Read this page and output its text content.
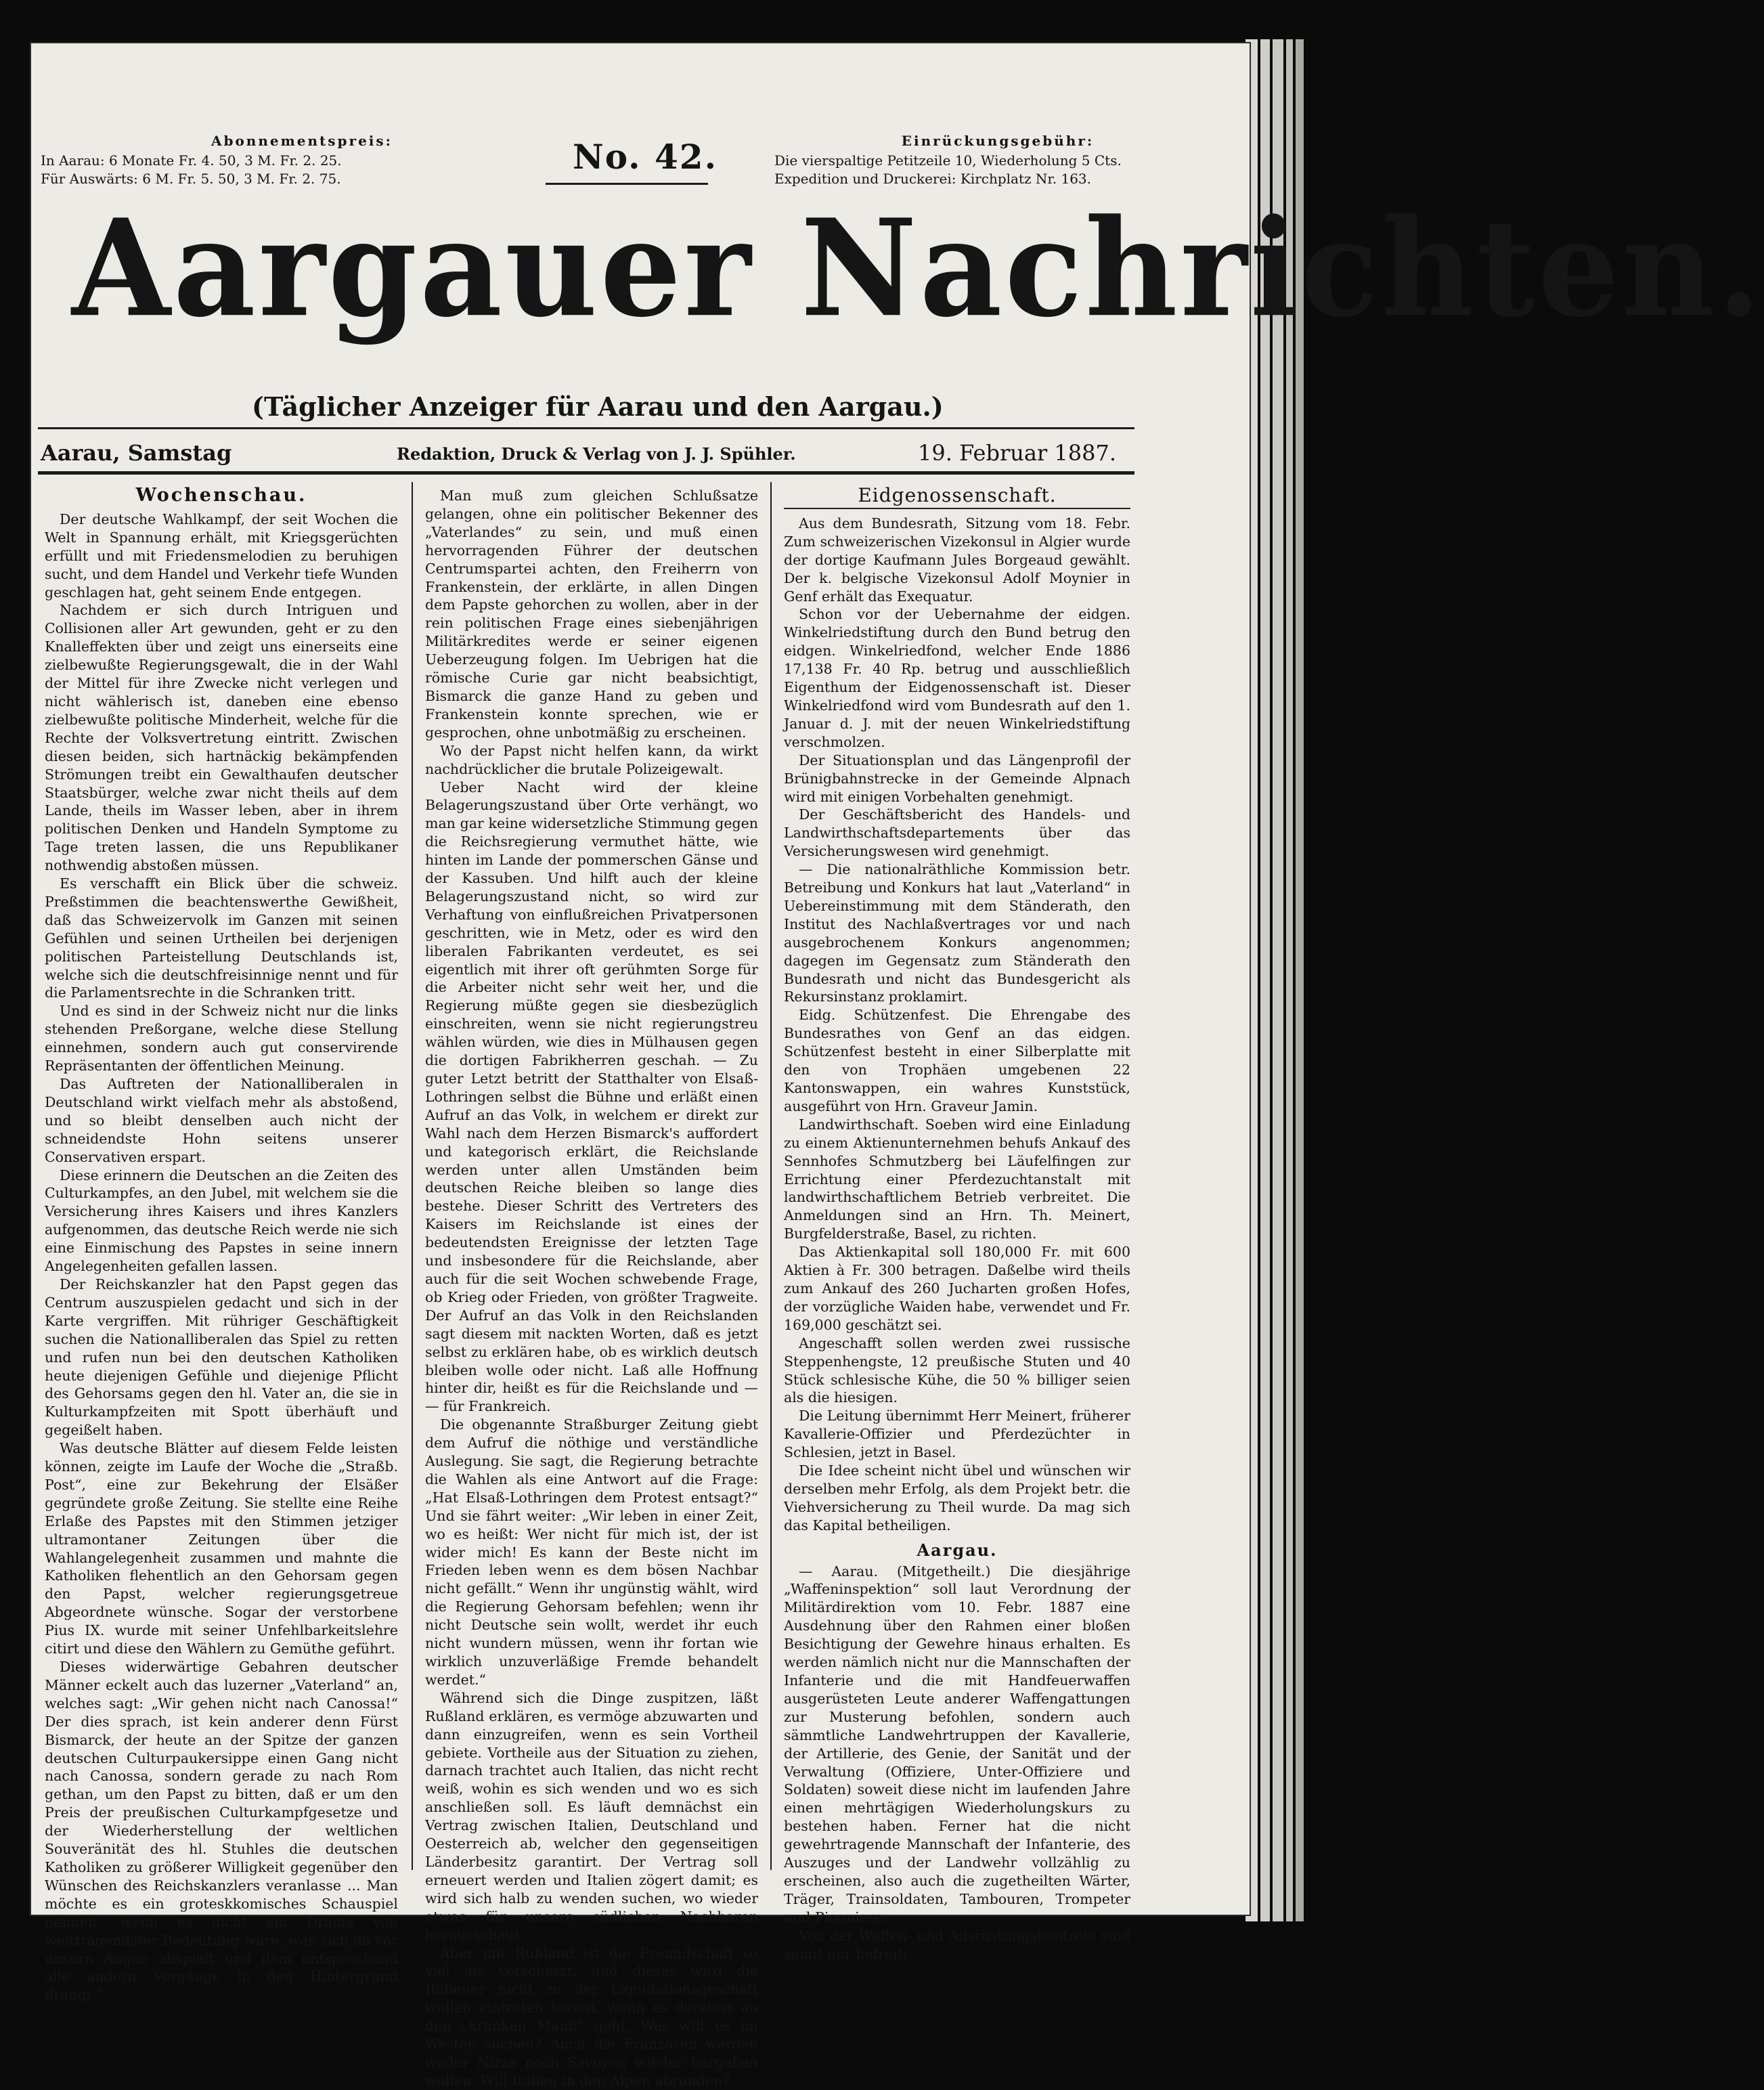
Abonnementspreis:
In Aarau: 6 Monate Fr. 4. 50, 3 M. Fr. 2. 25.
Für Auswärts: 6 M. Fr. 5. 50, 3 M. Fr. 2. 75.
No. 42.	Einrückungsgebühr:
Die vierspaltige Petitzeile 10, Wiederholung 5 Cts.
Expedition und Druckerei: Kirchplatz Nr. 163.
Aargauer Nachrichten.
(Täglicher Anzeiger für Aarau und den Aargau.)
Aarau, Samstag	Redaktion, Druck & Verlag von J. J. Spühler.	19. Februar 1887.
Wochenschau.

Der deutsche Wahlkampf, der seit Wochen die Welt in Spannung erhält, mit Kriegsgerüchten erfüllt und mit Friedensmelodien zu beruhigen sucht, und dem Handel und Verkehr tiefe Wunden geschlagen hat, geht seinem Ende entgegen.

Nachdem er sich durch Intriguen und Collisionen aller Art gewunden, geht er zu den Knalleffekten über und zeigt uns einerseits eine zielbewußte Regierungsgewalt, die in der Wahl der Mittel für ihre Zwecke nicht verlegen und nicht wählerisch ist, daneben eine ebenso zielbewußte politische Minderheit, welche für die Rechte der Volksvertretung eintritt. Zwischen diesen beiden, sich hartnäckig bekämpfenden Strömungen treibt ein Gewalthaufen deutscher Staatsbürger, welche zwar nicht theils auf dem Lande, theils im Wasser leben, aber in ihrem politischen Denken und Handeln Symptome zu Tage treten lassen, die uns Republikaner nothwendig abstoßen müssen.

Es verschafft ein Blick über die schweiz. Preßstimmen die beachtenswerthe Gewißheit, daß das Schweizervolk im Ganzen mit seinen Gefühlen und seinen Urtheilen bei derjenigen politischen Parteistellung Deutschlands ist, welche sich die deutschfreisinnige nennt und für die Parlamentsrechte in die Schranken tritt.

Und es sind in der Schweiz nicht nur die links stehenden Preßorgane, welche diese Stellung einnehmen, sondern auch gut conservirende Repräsentanten der öffentlichen Meinung.

Das Auftreten der Nationalliberalen in Deutschland wirkt vielfach mehr als abstoßend, und so bleibt denselben auch nicht der schneidendste Hohn seitens unserer Conservativen erspart.

Diese erinnern die Deutschen an die Zeiten des Culturkampfes, an den Jubel, mit welchem sie die Versicherung ihres Kaisers und ihres Kanzlers aufgenommen, das deutsche Reich werde nie sich eine Einmischung des Papstes in seine innern Angelegenheiten gefallen lassen.

Der Reichskanzler hat den Papst gegen das Centrum auszuspielen gedacht und sich in der Karte vergriffen. Mit rühriger Geschäftigkeit suchen die Nationalliberalen das Spiel zu retten und rufen nun bei den deutschen Katholiken heute diejenigen Gefühle und diejenige Pflicht des Gehorsams gegen den hl. Vater an, die sie in Kulturkampfzeiten mit Spott überhäuft und gegeißelt haben.

Was deutsche Blätter auf diesem Felde leisten können, zeigte im Laufe der Woche die „Straßb. Post“, eine zur Bekehrung der Elsäßer gegründete große Zeitung. Sie stellte eine Reihe Erlaße des Papstes mit den Stimmen jetziger ultramontaner Zeitungen über die Wahlangelegenheit zusammen und mahnte die Katholiken flehentlich an den Gehorsam gegen den Papst, welcher regierungsgetreue Abgeordnete wünsche. Sogar der verstorbene Pius IX. wurde mit seiner Unfehlbarkeitslehre citirt und diese den Wählern zu Gemüthe geführt.

Dieses widerwärtige Gebahren deutscher Männer eckelt auch das luzerner „Vaterland“ an, welches sagt: „Wir gehen nicht nach Canossa!“ Der dies sprach, ist kein anderer denn Fürst Bismarck, der heute an der Spitze der ganzen deutschen Culturpaukersippe einen Gang nicht nach Canossa, sondern gerade zu nach Rom gethan, um den Papst zu bitten, daß er um den Preis der preußischen Culturkampfgesetze und der Wiederherstellung der weltlichen Souveränität des hl. Stuhles die deutschen Katholiken zu größerer Willigkeit gegenüber den Wünschen des Reichskanzlers veranlasse ... Man möchte es ein groteskkomisches Schauspiel nennen, wenn es nicht ein Drama von welttragendster Bedeutung wäre, was sich da vor unsern Augen abspielt und dem entsprechend alle andern Vorgänge in den Hintergrund drängt.“

Man muß zum gleichen Schlußsatze gelangen, ohne ein politischer Bekenner des „Vaterlandes“ zu sein, und muß einen hervorragenden Führer der deutschen Centrumspartei achten, den Freiherrn von Frankenstein, der erklärte, in allen Dingen dem Papste gehorchen zu wollen, aber in der rein politischen Frage eines siebenjährigen Militärkredites werde er seiner eigenen Ueberzeugung folgen. Im Uebrigen hat die römische Curie gar nicht beabsichtigt, Bismarck die ganze Hand zu geben und Frankenstein konnte sprechen, wie er gesprochen, ohne unbotmäßig zu erscheinen.

Wo der Papst nicht helfen kann, da wirkt nachdrücklicher die brutale Polizeigewalt.

Ueber Nacht wird der kleine Belagerungszustand über Orte verhängt, wo man gar keine widersetzliche Stimmung gegen die Reichsregierung vermuthet hätte, wie hinten im Lande der pommerschen Gänse und der Kassuben. Und hilft auch der kleine Belagerungszustand nicht, so wird zur Verhaftung von einflußreichen Privatpersonen geschritten, wie in Metz, oder es wird den liberalen Fabrikanten verdeutet, es sei eigentlich mit ihrer oft gerühmten Sorge für die Arbeiter nicht sehr weit her, und die Regierung müßte gegen sie diesbezüglich einschreiten, wenn sie nicht regierungstreu wählen würden, wie dies in Mülhausen gegen die dortigen Fabrikherren geschah. — Zu guter Letzt betritt der Statthalter von Elsaß-Lothringen selbst die Bühne und erläßt einen Aufruf an das Volk, in welchem er direkt zur Wahl nach dem Herzen Bismarck's auffordert und kategorisch erklärt, die Reichslande werden unter allen Umständen beim deutschen Reiche bleiben so lange dies bestehe. Dieser Schritt des Vertreters des Kaisers im Reichslande ist eines der bedeutendsten Ereignisse der letzten Tage und insbesondere für die Reichslande, aber auch für die seit Wochen schwebende Frage, ob Krieg oder Frieden, von größter Tragweite. Der Aufruf an das Volk in den Reichslanden sagt diesem mit nackten Worten, daß es jetzt selbst zu erklären habe, ob es wirklich deutsch bleiben wolle oder nicht. Laß alle Hoffnung hinter dir, heißt es für die Reichslande und — — für Frankreich.

Die obgenannte Straßburger Zeitung giebt dem Aufruf die nöthige und verständliche Auslegung. Sie sagt, die Regierung betrachte die Wahlen als eine Antwort auf die Frage: „Hat Elsaß-Lothringen dem Protest entsagt?“ Und sie fährt weiter: „Wir leben in einer Zeit, wo es heißt: Wer nicht für mich ist, der ist wider mich! Es kann der Beste nicht im Frieden leben wenn es dem bösen Nachbar nicht gefällt.“ Wenn ihr ungünstig wählt, wird die Regierung Gehorsam befehlen; wenn ihr nicht Deutsche sein wollt, werdet ihr euch nicht wundern müssen, wenn ihr fortan wie wirklich unzuverläßige Fremde behandelt werdet.“

Während sich die Dinge zuspitzen, läßt Rußland erklären, es vermöge abzuwarten und dann einzugreifen, wenn es sein Vortheil gebiete. Vortheile aus der Situation zu ziehen, darnach trachtet auch Italien, das nicht recht weiß, wohin es sich wenden und wo es sich anschließen soll. Es läuft demnächst ein Vertrag zwischen Italien, Deutschland und Oesterreich ab, welcher den gegenseitigen Länderbesitz garantirt. Der Vertrag soll erneuert werden und Italien zögert damit; es wird sich halb zu wenden suchen, wo wieder etwas für unsere südlichen Nachbaren herausschaut.

Aber mit Rußland ist die Freundschaft so viel als verscherzt, und dieses wird die Italiener nicht zu der Liquidationsgeschäft wollen eintreten lassen, wenn es dereinst an den „kranken Mann“ geht, Was will es im Westen suchen? Auch die Franzosen werden weder Nizza noch Savoyen wieder hergeben wollen. Will Italien in den Alpen abrunden?

Eidgenossenschaft.

Aus dem Bundesrath, Sitzung vom 18. Febr. Zum schweizerischen Vizekonsul in Algier wurde der dortige Kaufmann Jules Borgeaud gewählt. Der k. belgische Vizekonsul Adolf Moynier in Genf erhält das Exequatur.

Schon vor der Uebernahme der eidgen. Winkelriedstiftung durch den Bund betrug den eidgen. Winkelriedfond, welcher Ende 1886 17,138 Fr. 40 Rp. betrug und ausschließlich Eigenthum der Eidgenossenschaft ist. Dieser Winkelriedfond wird vom Bundesrath auf den 1. Januar d. J. mit der neuen Winkelriedstiftung verschmolzen.

Der Situationsplan und das Längenprofil der Brünigbahnstrecke in der Gemeinde Alpnach wird mit einigen Vorbehalten genehmigt.

Der Geschäftsbericht des Handels- und Landwirthschaftsdepartements über das Versicherungswesen wird genehmigt.

— Die nationalräthliche Kommission betr. Betreibung und Konkurs hat laut „Vaterland“ in Uebereinstimmung mit dem Ständerath, den Institut des Nachlaßvertrages vor und nach ausgebrochenem Konkurs angenommen; dagegen im Gegensatz zum Ständerath den Bundesrath und nicht das Bundesgericht als Rekursinstanz proklamirt.

Eidg. Schützenfest. Die Ehrengabe des Bundesrathes von Genf an das eidgen. Schützenfest besteht in einer Silberplatte mit den von Trophäen umgebenen 22 Kantonswappen, ein wahres Kunststück, ausgeführt von Hrn. Graveur Jamin.

Landwirthschaft. Soeben wird eine Einladung zu einem Aktienunternehmen behufs Ankauf des Sennhofes Schmutzberg bei Läufelfingen zur Errichtung einer Pferdezuchtanstalt mit landwirthschaftlichem Betrieb verbreitet. Die Anmeldungen sind an Hrn. Th. Meinert, Burgfelderstraße, Basel, zu richten.

Das Aktienkapital soll 180,000 Fr. mit 600 Aktien à Fr. 300 betragen. Daßelbe wird theils zum Ankauf des 260 Jucharten großen Hofes, der vorzügliche Waiden habe, verwendet und Fr. 169,000 geschätzt sei.

Angeschafft sollen werden zwei russische Steppenhengste, 12 preußische Stuten und 40 Stück schlesische Kühe, die 50 % billiger seien als die hiesigen.

Die Leitung übernimmt Herr Meinert, früherer Kavallerie-Offizier und Pferdezüchter in Schlesien, jetzt in Basel.

Die Idee scheint nicht übel und wünschen wir derselben mehr Erfolg, als dem Projekt betr. die Viehversicherung zu Theil wurde. Da mag sich das Kapital betheiligen.

Aargau.

— Aarau. (Mitgetheilt.) Die diesjährige „Waffeninspektion“ soll laut Verordnung der Militärdirektion vom 10. Febr. 1887 eine Ausdehnung über den Rahmen einer bloßen Besichtigung der Gewehre hinaus erhalten. Es werden nämlich nicht nur die Mannschaften der Infanterie und die mit Handfeuerwaffen ausgerüsteten Leute anderer Waffengattungen zur Musterung befohlen, sondern auch sämmtliche Landwehrtruppen der Kavallerie, der Artillerie, des Genie, der Sanität und der Verwaltung (Offiziere, Unter-Offiziere und Soldaten) soweit diese nicht im laufenden Jahre einen mehrtägigen Wiederholungskurs zu bestehen haben. Ferner hat die nicht gewehrtragende Mannschaft der Infanterie, des Auszuges und der Landwehr vollzählig zu erscheinen, also auch die zugetheilten Wärter, Träger, Trainsoldaten, Tambouren, Trompeter und Pionniere.

Von der Waffen- und Ausrüstungskontrole sind somit nur befreit:
